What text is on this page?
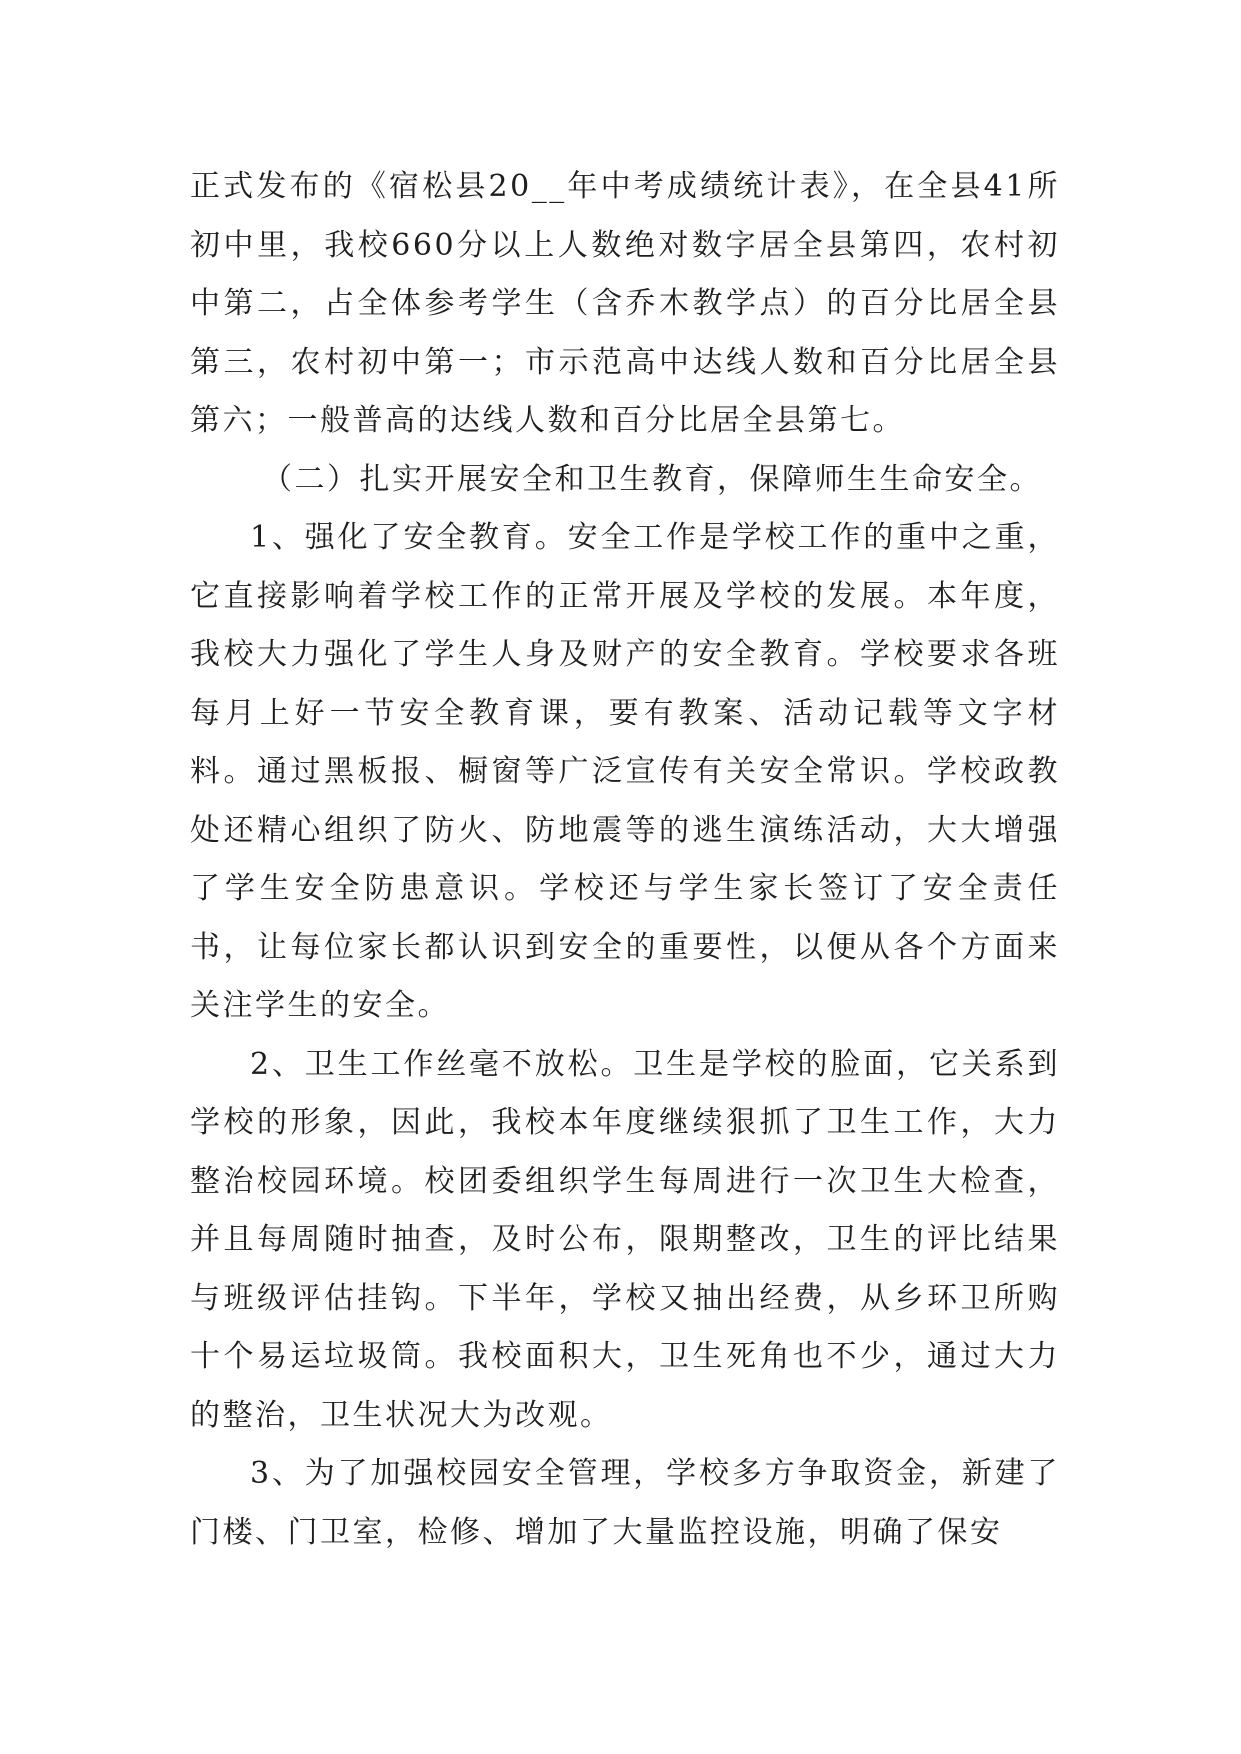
正式发布的《宿松县20__年中考成绩统计表》，在全县41所初中里，我校660分以上人数绝对数字居全县第四，农村初中第二，占全体参考学生（含乔木教学点）的百分比居全县第三，农村初中第一；市示范高中达线人数和百分比居全县第六；一般普高的达线人数和百分比居全县第七。

（二）扎实开展安全和卫生教育，保障师生生命安全。

1、强化了安全教育。安全工作是学校工作的重中之重，它直接影响着学校工作的正常开展及学校的发展。本年度，我校大力强化了学生人身及财产的安全教育。学校要求各班每月上好一节安全教育课，要有教案、活动记载等文字材料。通过黑板报、橱窗等广泛宣传有关安全常识。学校政教处还精心组织了防火、防地震等的逃生演练活动，大大增强了学生安全防患意识。学校还与学生家长签订了安全责任书，让每位家长都认识到安全的重要性，以便从各个方面来关注学生的安全。

2、卫生工作丝毫不放松。卫生是学校的脸面，它关系到学校的形象，因此，我校本年度继续狠抓了卫生工作，大力整治校园环境。校团委组织学生每周进行一次卫生大检查，并且每周随时抽查，及时公布，限期整改，卫生的评比结果与班级评估挂钩。下半年，学校又抽出经费，从乡环卫所购十个易运垃圾筒。我校面积大，卫生死角也不少，通过大力的整治，卫生状况大为改观。

3、为了加强校园安全管理，学校多方争取资金，新建了门楼、门卫室，检修、增加了大量监控设施，明确了保安
